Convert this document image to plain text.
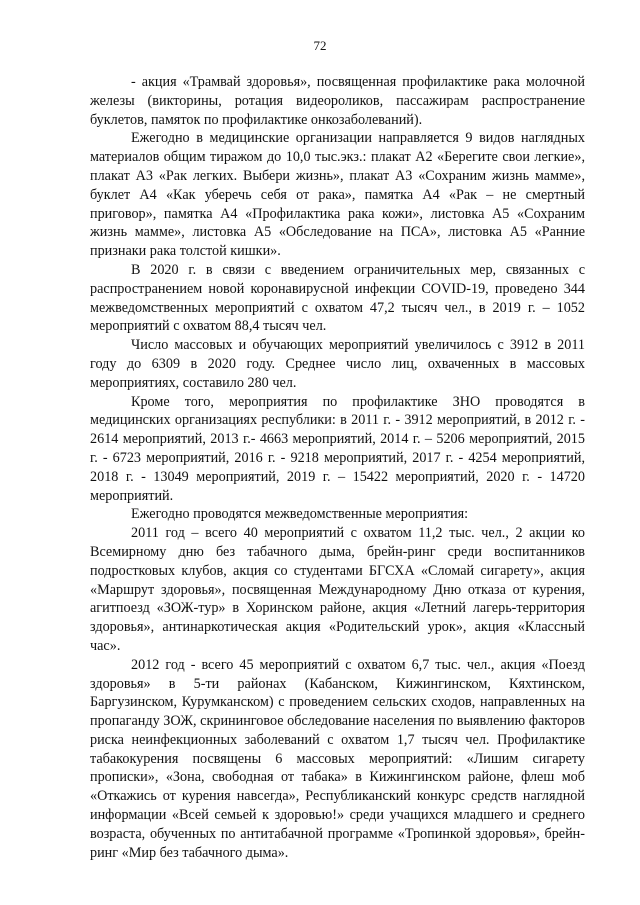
72

- акция «Трамвай здоровья», посвященная профилактике рака молочной железы (викторины, ротация видеороликов, пассажирам распространение буклетов, памяток по профилактике онкозаболеваний).

Ежегодно в медицинские организации направляется 9 видов наглядных материалов общим тиражом до 10,0 тыс.экз.: плакат А2 «Берегите свои легкие», плакат А3 «Рак легких. Выбери жизнь», плакат А3 «Сохраним жизнь мамме», буклет А4 «Как уберечь себя от рака», памятка А4 «Рак – не смертный приговор», памятка А4 «Профилактика рака кожи», листовка А5 «Сохраним жизнь мамме», листовка А5 «Обследование на ПСА», листовка А5 «Ранние признаки рака толстой кишки».

В 2020 г. в связи с введением ограничительных мер, связанных с распространением новой коронавирусной инфекции COVID-19, проведено 344 межведомственных мероприятий с охватом 47,2 тысяч чел., в 2019 г. – 1052 мероприятий с охватом 88,4 тысяч чел.

Число массовых и обучающих мероприятий увеличилось с 3912 в 2011 году до 6309 в 2020 году. Среднее число лиц, охваченных в массовых мероприятиях, составило 280 чел.

Кроме того, мероприятия по профилактике ЗНО проводятся в медицинских организациях республики: в 2011 г. - 3912 мероприятий, в 2012 г. - 2614 мероприятий, 2013 г.- 4663 мероприятий, 2014 г. – 5206 мероприятий, 2015 г. - 6723 мероприятий, 2016 г. - 9218 мероприятий, 2017 г. - 4254 мероприятий, 2018 г. - 13049 мероприятий, 2019 г. – 15422 мероприятий, 2020 г. - 14720 мероприятий.

Ежегодно проводятся межведомственные мероприятия:

2011 год – всего 40 мероприятий с охватом 11,2 тыс. чел., 2 акции ко Всемирному дню без табачного дыма, брейн-ринг среди воспитанников подростковых клубов, акция со студентами БГСХА «Сломай сигарету», акция «Маршрут здоровья», посвященная Международному Дню отказа от курения, агитпоезд «ЗОЖ-тур» в Хоринском районе, акция «Летний лагерь-территория здоровья», антинаркотическая акция «Родительский урок», акция «Классный час».

2012 год - всего 45 мероприятий с охватом 6,7 тыс. чел., акция «Поезд здоровья» в 5-ти районах (Кабанском, Кижингинском, Кяхтинском, Баргузинском, Курумканском) с проведением сельских сходов, направленных на пропаганду ЗОЖ, скрининговое обследование населения по выявлению факторов риска неинфекционных заболеваний с охватом 1,7 тысяч чел. Профилактике табакокурения посвящены 6 массовых мероприятий: «Лишим сигарету прописки», «Зона, свободная от табака» в Кижингинском районе, флеш моб «Откажись от курения навсегда», Республиканский конкурс средств наглядной информации «Всей семьей к здоровью!» среди учащихся младшего и среднего возраста, обученных по антитабачной программе «Тропинкой здоровья», брейн-ринг «Мир без табачного дыма».
